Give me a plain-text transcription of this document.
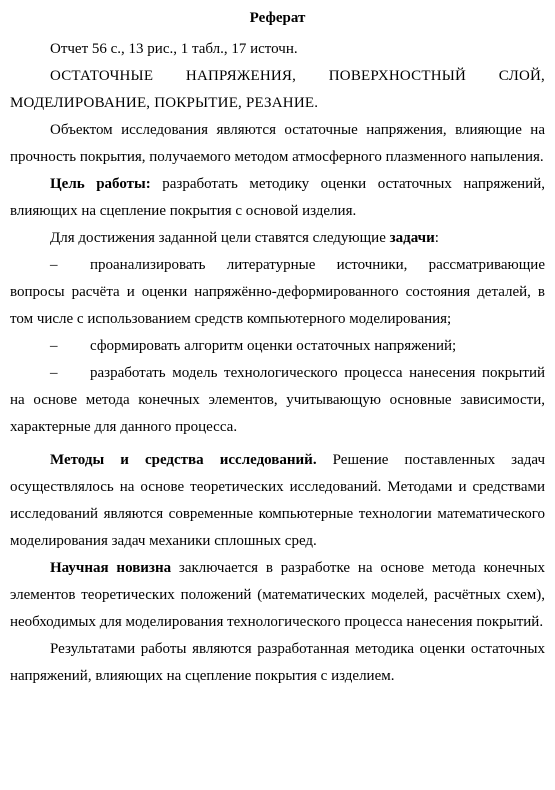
Реферат

Отчет 56 с., 13 рис., 1 табл., 17 источн.

ОСТАТОЧНЫЕ НАПРЯЖЕНИЯ, ПОВЕРХНОСТНЫЙ СЛОЙ, МОДЕЛИРОВАНИЕ, ПОКРЫТИЕ, РЕЗАНИЕ.

Объектом исследования являются остаточные напряжения, влияющие на прочность покрытия, получаемого методом атмосферного плазменного напыления.

Цель работы: разработать методику оценки остаточных напряжений, влияющих на сцепление покрытия с основой изделия.

Для достижения заданной цели ставятся следующие задачи:

– проанализировать литературные источники, рассматривающие вопросы расчёта и оценки напряжённо-деформированного состояния деталей, в том числе с использованием средств компьютерного моделирования;

– сформировать алгоритм оценки остаточных напряжений;

– разработать модель технологического процесса нанесения покрытий на основе метода конечных элементов, учитывающую основные зависимости, характерные для данного процесса.

Методы и средства исследований. Решение поставленных задач осуществлялось на основе теоретических исследований. Методами и средствами исследований являются современные компьютерные технологии математического моделирования задач механики сплошных сред.

Научная новизна заключается в разработке на основе метода конечных элементов теоретических положений (математических моделей, расчётных схем), необходимых для моделирования технологического процесса нанесения покрытий.

Результатами работы являются разработанная методика оценки остаточных напряжений, влияющих на сцепление покрытия с изделием.
